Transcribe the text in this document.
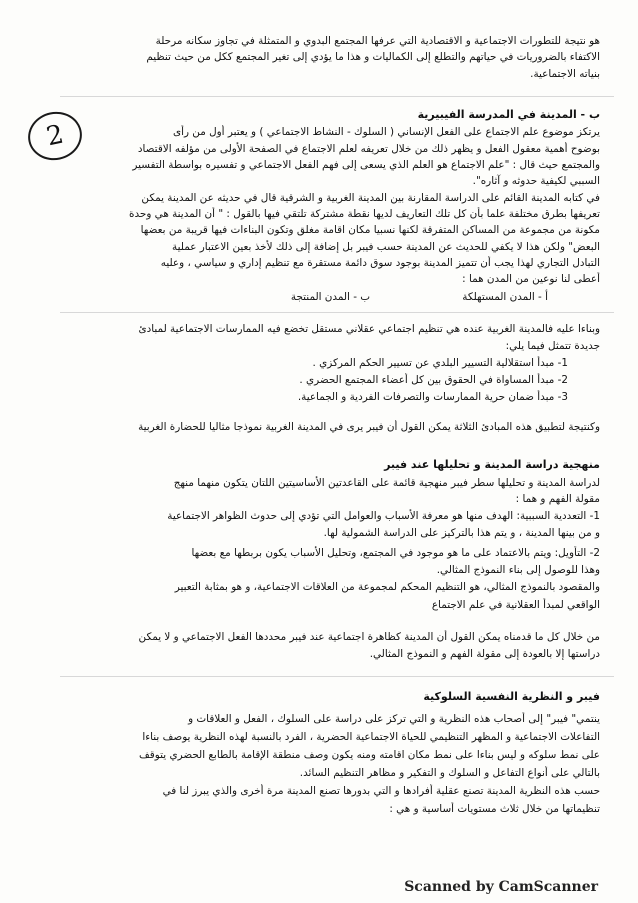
2
هو نتيجة للتطورات الاجتماعية و الاقتصادية التي عرفها المجتمع البدوي و المتمثلة في تجاوز سكانه مرحلة
الاكتفاء بالضروريات في حياتهم والتطلع إلى الكماليات و هذا ما يؤدي إلى تغير المجتمع ككل من حيث تنظيم
بنياته الاجتماعية.
ب - المدينة في المدرسة الفيبيرية
يرتكز موضوع علم الاجتماع على الفعل الإنساني ( السلوك - النشاط الاجتماعي ) و يعتبر أول من رأى
بوضوح أهمية معقول الفعل و يظهر ذلك من خلال تعريفه لعلم الاجتماع في الصفحة الأولى من مؤلفه الاقتصاد
والمجتمع حيث قال : "علم الاجتماع هو العلم الذي يسعى إلى فهم الفعل الاجتماعي و تفسيره بواسطة التفسير
السببي لكيفية حدوثه و آثاره".
في كتابه المدينة القائم على الدراسة المقارنة بين المدينة الغربية و الشرقية قال في حديثه عن المدينة يمكن
تعريفها بطرق مختلفة علما بأن كل تلك التعاريف لديها نقطة مشتركة تلتقي فيها بالقول : " أن المدينة هي وحدة
مكونة من مجموعة من المساكن المتفرقة لكنها نسبيا مكان اقامة مغلق وتكون البناءات فيها قريبة من بعضها
البعض" ولكن هذا لا يكفي للحديث عن المدينة حسب فيبر بل إضافة إلى ذلك لأخذ بعين الاعتبار عملية
التبادل التجاري لهذا يجب أن تتميز المدينة بوجود سوق دائمة مستقرة مع تنظيم إداري و سياسي ، وعليه
أعطى لنا نوعين من المدن هما :
أ - المدن المستهلكة ب - المدن المنتجة
وبناءا عليه فالمدينة الغربية عنده هي تنظيم اجتماعي عقلاني مستقل تخضع فيه الممارسات الاجتماعية لمبادئ
جديدة تتمثل فيما يلي:
1- مبدأ استقلالية التسيير البلدي عن تسيير الحكم المركزي .
2- مبدأ المساواة في الحقوق بين كل أعضاء المجتمع الحضري .
3- مبدأ ضمان حرية الممارسات والتصرفات الفردية و الجماعية.
وكنتيجة لتطبيق هذه المبادئ الثلاثة يمكن القول أن فيبر يرى في المدينة الغربية نموذجا مثاليا للحضارة الغربية
منهجية دراسة المدينة و تحليلها عند فيبر
لدراسة المدينة و تحليلها سطر فيبر منهجية قائمة على القاعدتين الأساسيتين اللتان يتكون منهما منهج
مقولة الفهم و هما :
1- التعددية السببية: الهدف منها هو معرفة الأسباب والعوامل التي تؤدي إلى حدوث الظواهر الاجتماعية
و من بينها المدينة ، و يتم هذا بالتركيز على الدراسة الشمولية لها.
2- التأويل: ويتم بالاعتماد على ما هو موجود في المجتمع، وتحليل الأسباب يكون بربطها مع بعضها
وهذا للوصول إلى بناء النموذج المثالي.
والمقصود بالنموذج المثالي، هو التنظيم المحكم لمجموعة من العلاقات الاجتماعية، و هو بمثابة التعبير
الواقعي لمبدأ العقلانية في علم الاجتماع
من خلال كل ما قدمناه يمكن القول أن المدينة كظاهرة اجتماعية عند فيبر محددها الفعل الاجتماعي و لا يمكن
دراستها إلا بالعودة إلى مقولة الفهم و النموذج المثالي.
فيبر و النظرية النفسية السلوكية
ينتمي" فيبر" إلى أصحاب هذه النظرية و التي تركز على دراسة على السلوك ، الفعل و العلاقات و
التفاعلات الاجتماعية و المظهر التنظيمي للحياة الاجتماعية الحضرية ، الفرد بالنسبة لهذه النظرية يوصف بناءا
على نمط سلوكه و ليس بناءا على نمط مكان اقامته ومنه يكون وصف منطقة الإقامة بالطابع الحضري يتوقف
بالتالي على أنواع التفاعل و السلوك و التفكير و مظاهر التنظيم السائد.
حسب هذه النظرية المدينة تصنع عقلية أفرادها و التي بدورها تصنع المدينة مرة أخرى والذي يبرز لنا في
تنظيماتها من خلال ثلاث مستويات أساسية و هي :
Scanned by CamScanner
